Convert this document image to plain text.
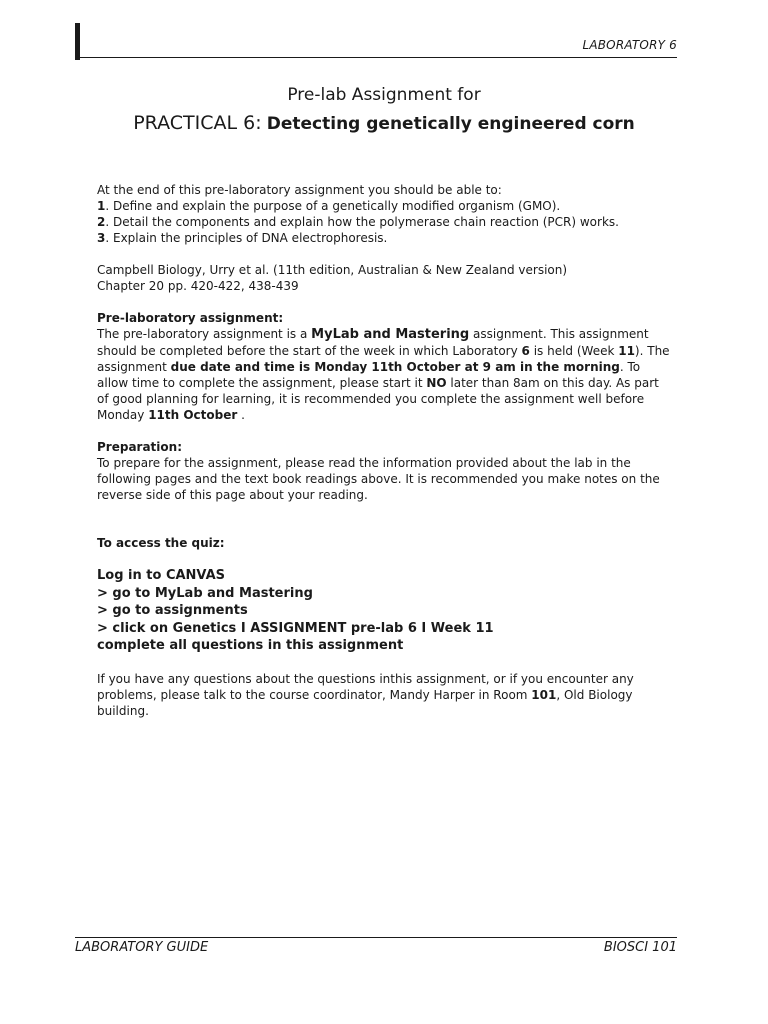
LABORATORY 6
Pre-lab Assignment for
PRACTICAL 6: Detecting genetically engineered corn

At the end of this pre-laboratory assignment you should be able to:

1. Define and explain the purpose of a genetically modified organism (GMO).

2. Detail the components and explain how the polymerase chain reaction (PCR) works.

3. Explain the principles of DNA electrophoresis.

Campbell Biology, Urry et al. (11th edition, Australian & New Zealand version)

Chapter 20 pp. 420-422, 438-439

Pre-laboratory assignment:

The pre-laboratory assignment is a MyLab and Mastering assignment. This assignment should be completed before the start of the week in which Laboratory 6 is held (Week 11). The assignment due date and time is Monday 11th October at 9 am in the morning. To allow time to complete the assignment, please start it NO later than 8am on this day. As part of good planning for learning, it is recommended you complete the assignment well before Monday 11th October .

Preparation:

To prepare for the assignment, please read the information provided about the lab in the following pages and the text book readings above. It is recommended you make notes on the reverse side of this page about your reading.

To access the quiz:

Log in to CANVAS

> go to MyLab and Mastering

> go to assignments

> click on Genetics I ASSIGNMENT pre-lab 6 I Week 11

complete all questions in this assignment

If you have any questions about the questions inthis assignment, or if you encounter any problems, please talk to the course coordinator, Mandy Harper in Room 101, Old Biology building.

LABORATORY GUIDE	BIOSCI 101
